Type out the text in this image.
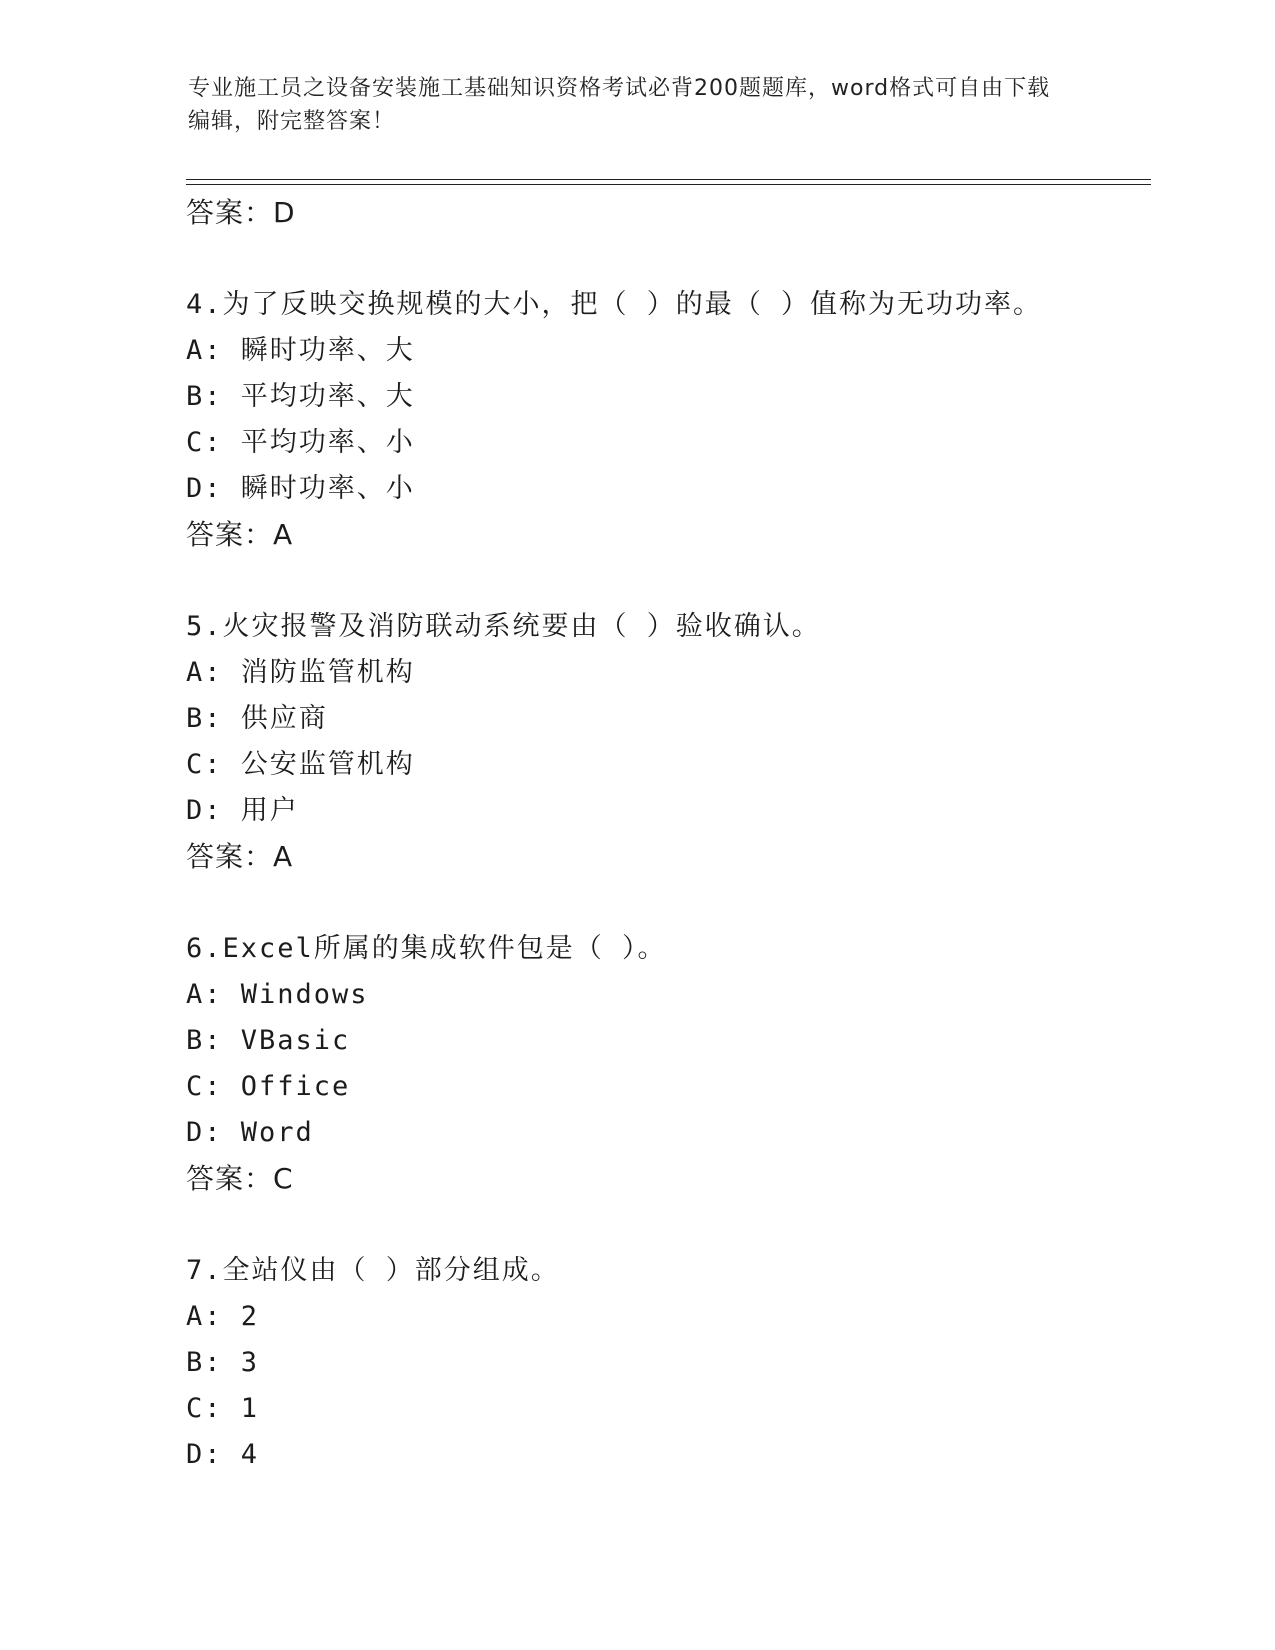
专业施工员之设备安装施工基础知识资格考试必背200题题库，word格式可自由下载编辑，附完整答案！
答案：D
4.为了反映交换规模的大小，把（ ）的最（ ）值称为无功功率。
A: 瞬时功率、大
B: 平均功率、大
C: 平均功率、小
D: 瞬时功率、小
答案：A
5.火灾报警及消防联动系统要由（ ）验收确认。
A: 消防监管机构
B: 供应商
C: 公安监管机构
D: 用户
答案：A
6.Excel所属的集成软件包是（ ）。
A: Windows
B: VBasic
C: Office
D: Word
答案：C
7.全站仪由（ ）部分组成。
A: 2
B: 3
C: 1
D: 4
